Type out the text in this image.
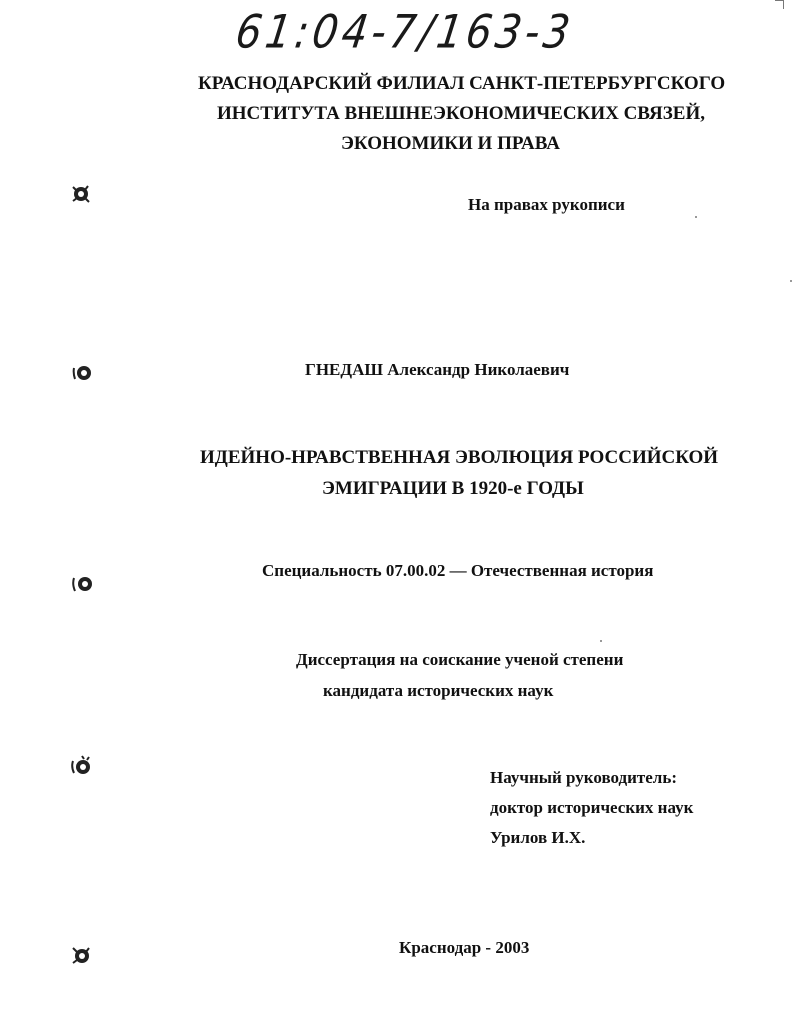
61:04-7/163-3
КРАСНОДАРСКИЙ ФИЛИАЛ САНКТ-ПЕТЕРБУРГСКОГО
ИНСТИТУТА ВНЕШНЕЭКОНОМИЧЕСКИХ СВЯЗЕЙ,
ЭКОНОМИКИ И ПРАВА
На правах рукописи
ГНЕДАШ Александр Николаевич
ИДЕЙНО-НРАВСТВЕННАЯ ЭВОЛЮЦИЯ РОССИЙСКОЙ
ЭМИГРАЦИИ В 1920-е ГОДЫ
Специальность 07.00.02 — Отечественная история
Диссертация на соискание ученой степени
кандидата исторических наук
Научный руководитель:
доктор исторических наук
Урилов И.Х.
Краснодар - 2003
